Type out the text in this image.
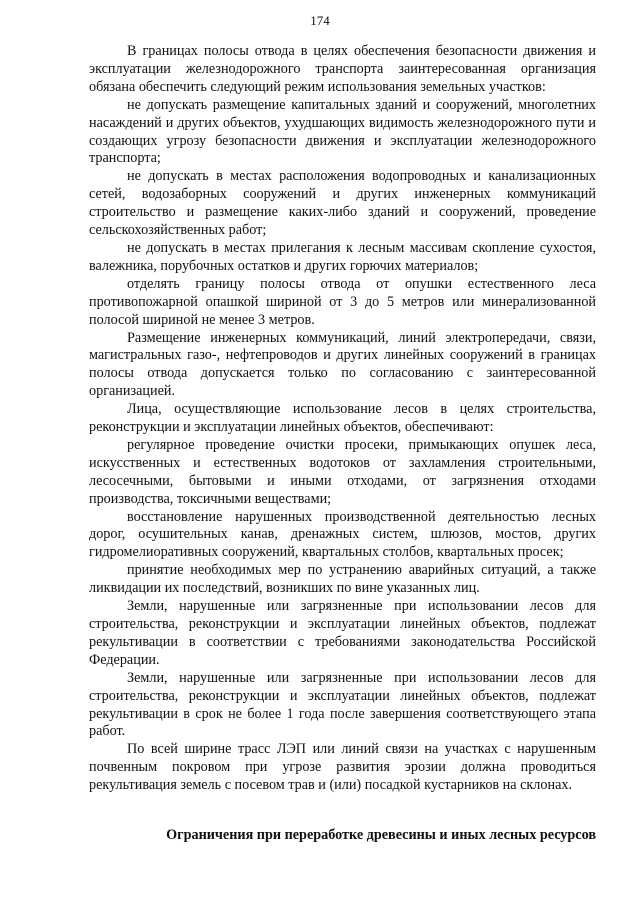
174

В границах полосы отвода в целях обеспечения безопасности движения и эксплуатации железнодорожного транспорта заинтересованная организация обязана обеспечить следующий режим использования земельных участков:

не допускать размещение капитальных зданий и сооружений, многолетних насаждений и других объектов, ухудшающих видимость железнодорожного пути и создающих угрозу безопасности движения и эксплуатации железнодорожного транспорта;

не допускать в местах расположения водопроводных и канализационных сетей, водозаборных сооружений и других инженерных коммуникаций строительство и размещение каких-либо зданий и сооружений, проведение сельскохозяйственных работ;

не допускать в местах прилегания к лесным массивам скопление сухостоя, валежника, порубочных остатков и других горючих материалов;

отделять границу полосы отвода от опушки естественного леса противопожарной опашкой шириной от 3 до 5 метров или минерализованной полосой шириной не менее 3 метров.

Размещение инженерных коммуникаций, линий электропередачи, связи, магистральных газо-, нефтепроводов и других линейных сооружений в границах полосы отвода допускается только по согласованию с заинтересованной организацией.

Лица, осуществляющие использование лесов в целях строительства, реконструкции и эксплуатации линейных объектов, обеспечивают:

регулярное проведение очистки просеки, примыкающих опушек леса, искусственных и естественных водотоков от захламления строительными, лесосечными, бытовыми и иными отходами, от загрязнения отходами производства, токсичными веществами;

восстановление нарушенных производственной деятельностью лесных дорог, осушительных канав, дренажных систем, шлюзов, мостов, других гидромелиоративных сооружений, квартальных столбов, квартальных просек;

принятие необходимых мер по устранению аварийных ситуаций, а также ликвидации их последствий, возникших по вине указанных лиц.

Земли, нарушенные или загрязненные при использовании лесов для строительства, реконструкции и эксплуатации линейных объектов, подлежат рекультивации в соответствии с требованиями законодательства Российской Федерации.

Земли, нарушенные или загрязненные при использовании лесов для строительства, реконструкции и эксплуатации линейных объектов, подлежат рекультивации в срок не более 1 года после завершения соответствующего этапа работ.

По всей ширине трасс ЛЭП или линий связи на участках с нарушенным почвенным покровом при угрозе развития эрозии должна проводиться рекультивация земель с посевом трав и (или) посадкой кустарников на склонах.

Ограничения при переработке древесины и иных лесных ресурсов
